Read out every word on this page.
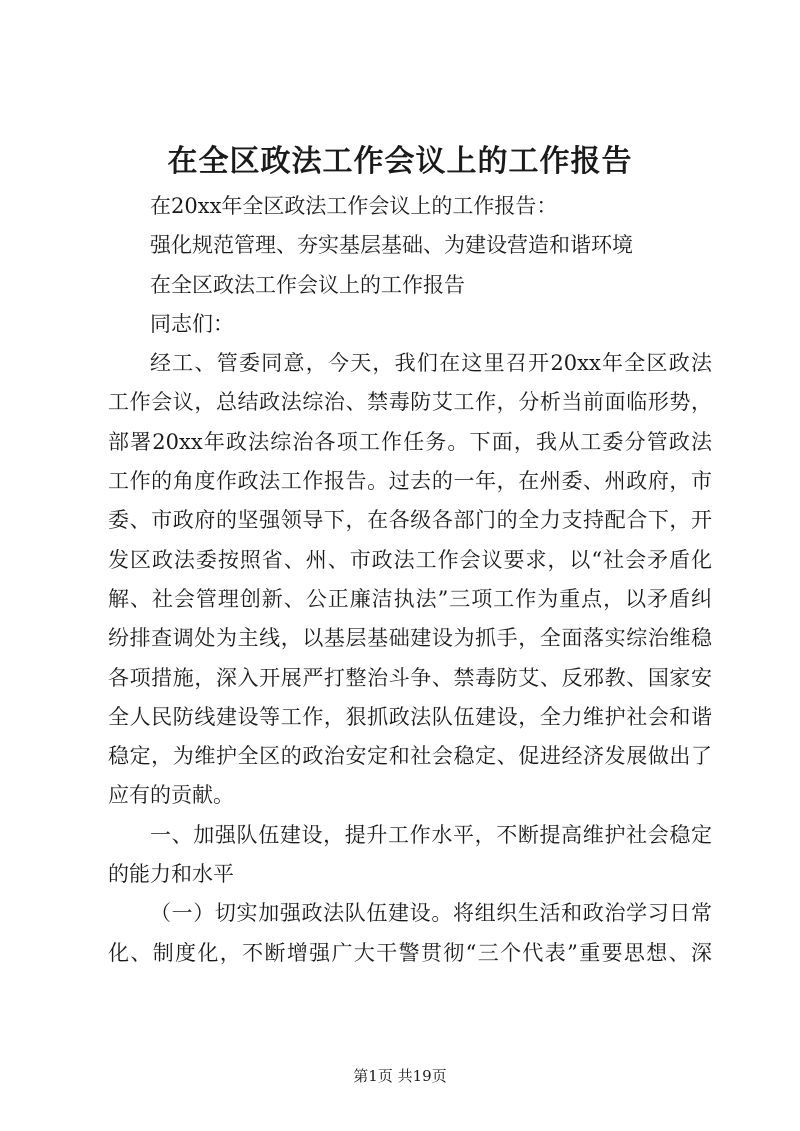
在全区政法工作会议上的工作报告
在20xx年全区政法工作会议上的工作报告：
强化规范管理、夯实基层基础、为建设营造和谐环境
在全区政法工作会议上的工作报告
同志们：
经工、管委同意，今天，我们在这里召开20xx年全区政法
工作会议，总结政法综治、禁毒防艾工作，分析当前面临形势，
部署20xx年政法综治各项工作任务。下面，我从工委分管政法
工作的角度作政法工作报告。过去的一年，在州委、州政府，市
委、市政府的坚强领导下，在各级各部门的全力支持配合下，开
发区政法委按照省、州、市政法工作会议要求，以“社会矛盾化
解、社会管理创新、公正廉洁执法”三项工作为重点，以矛盾纠
纷排查调处为主线，以基层基础建设为抓手，全面落实综治维稳
各项措施，深入开展严打整治斗争、禁毒防艾、反邪教、国家安
全人民防线建设等工作，狠抓政法队伍建设，全力维护社会和谐
稳定，为维护全区的政治安定和社会稳定、促进经济发展做出了
应有的贡献。
一、加强队伍建设，提升工作水平，不断提高维护社会稳定
的能力和水平
（一）切实加强政法队伍建设。将组织生活和政治学习日常
化、制度化，不断增强广大干警贯彻“三个代表”重要思想、深
第1页 共19页
